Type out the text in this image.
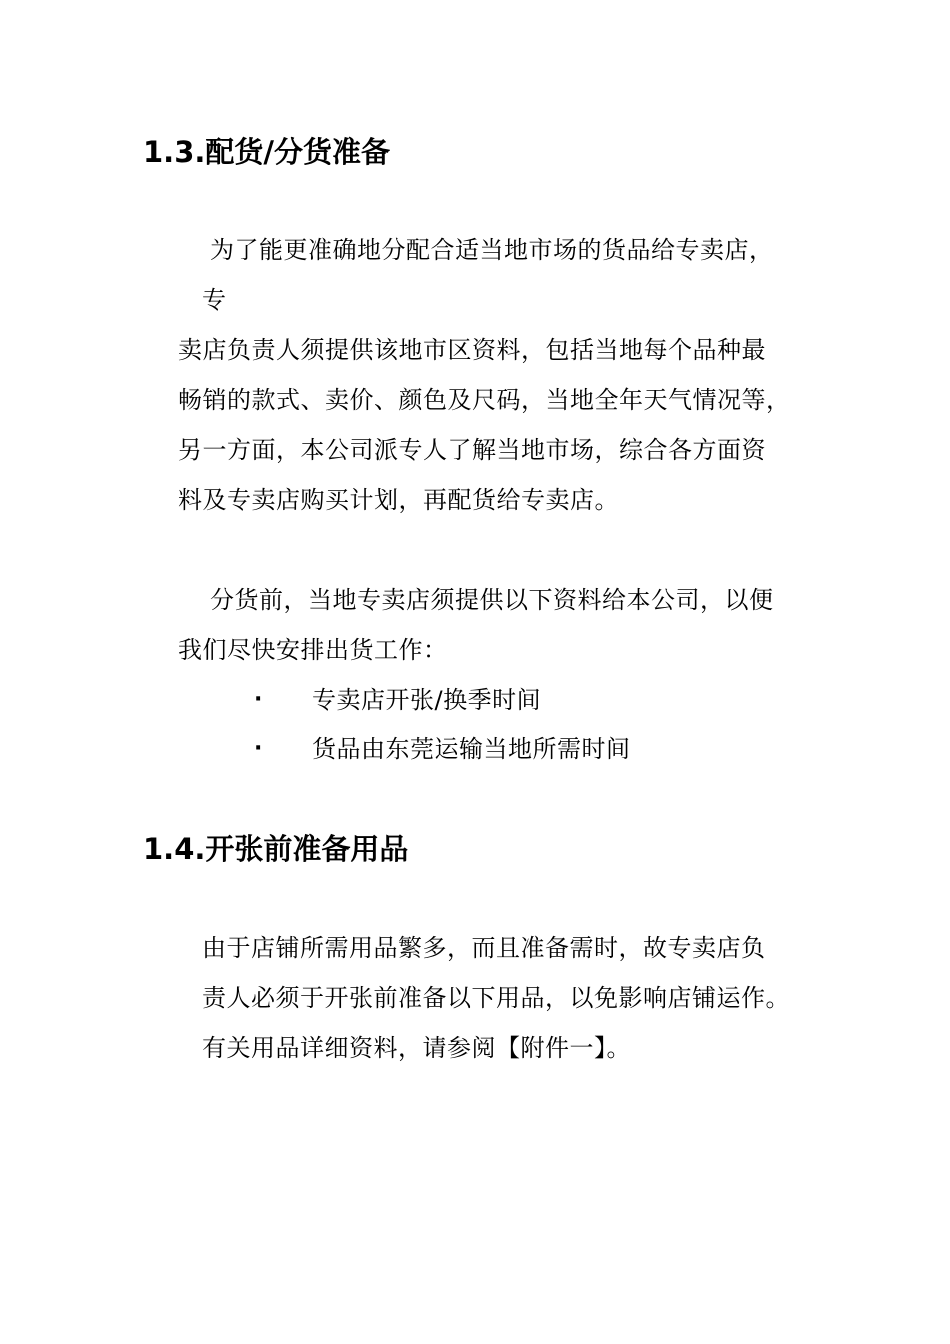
1.3.配货/分货准备

为了能更准确地分配合适当地市场的货品给专卖店，

专

卖店负责人须提供该地市区资料，包括当地每个品种最

畅销的款式、卖价、颜色及尺码，当地全年天气情况等，

另一方面，本公司派专人了解当地市场，综合各方面资

料及专卖店购买计划，再配货给专卖店。

分货前，当地专卖店须提供以下资料给本公司，以便

我们尽快安排出货工作：

· 专卖店开张/换季时间

· 货品由东莞运输当地所需时间

1.4.开张前准备用品

由于店铺所需用品繁多，而且准备需时，故专卖店负

责人必须于开张前准备以下用品，以免影响店铺运作。

有关用品详细资料，请参阅【附件一】。
